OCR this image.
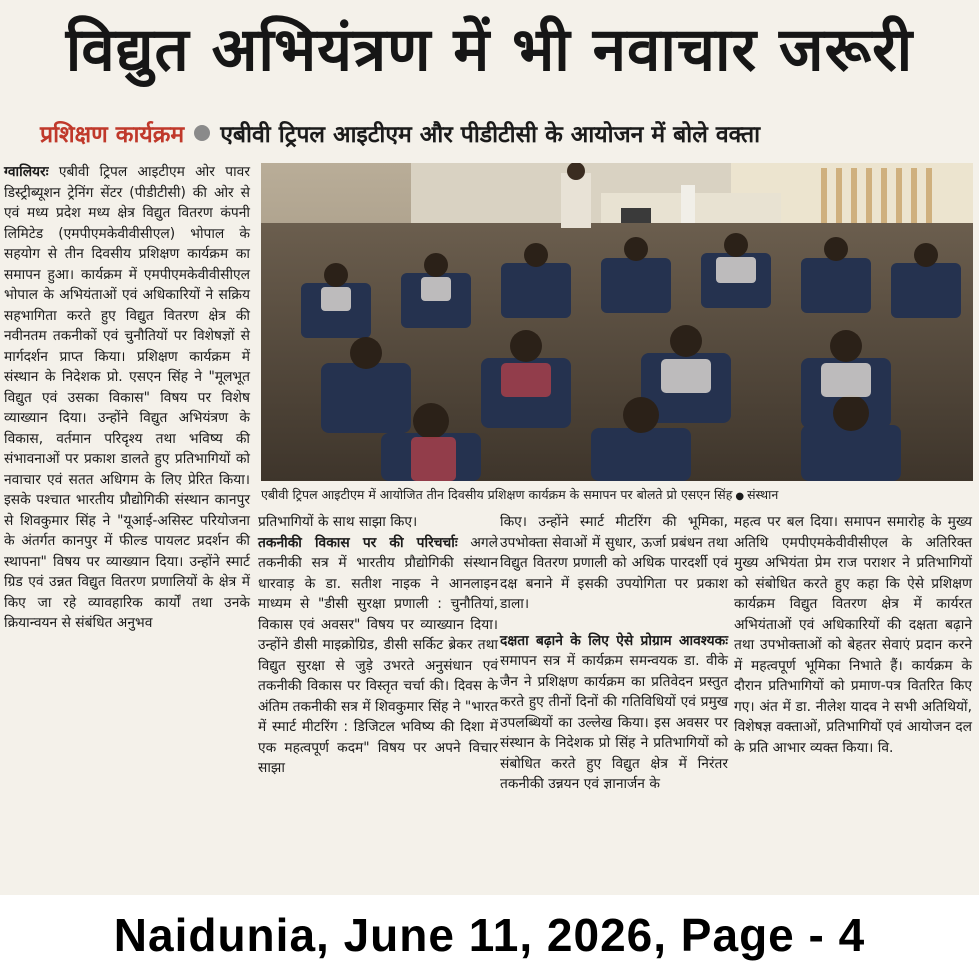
विद्युत अभियंत्रण में भी नवाचार जरूरी
प्रशिक्षण कार्यक्रम एबीवी ट्रिपल आइटीएम और पीडीटीसी के आयोजन में बोले वक्ता

ग्वालियरः एबीवी ट्रिपल आइटीएम ओर पावर डिस्ट्रीब्यूशन ट्रेनिंग सेंटर (पीडीटीसी) की ओर से एवं मध्य प्रदेश मध्य क्षेत्र विद्युत वितरण कंपनी लिमिटेड (एमपीएमकेवीवीसीएल) भोपाल के सहयोग से तीन दिवसीय प्रशिक्षण कार्यक्रम का समापन हुआ। कार्यक्रम में एमपीएमकेवीवीसीएल भोपाल के अभियंताओं एवं अधिकारियों ने सक्रिय सहभागिता करते हुए विद्युत वितरण क्षेत्र की नवीनतम तकनीकों एवं चुनौतियों पर विशेषज्ञों से मार्गदर्शन प्राप्त किया। प्रशिक्षण कार्यक्रम में संस्थान के निदेशक प्रो. एसएन सिंह ने "मूलभूत विद्युत एवं उसका विकास" विषय पर विशेष व्याख्यान दिया। उन्होंने विद्युत अभियंत्रण के विकास, वर्तमान परिदृश्य तथा भविष्य की संभावनाओं पर प्रकाश डालते हुए प्रतिभागियों को नवाचार एवं सतत अधिगम के लिए प्रेरित किया। इसके पश्चात भारतीय प्रौद्योगिकी संस्थान कानपुर से शिवकुमार सिंह ने "यूआई-असिस्ट परियोजना के अंतर्गत कानपुर में फील्ड पायलट प्रदर्शन की स्थापना" विषय पर व्याख्यान दिया। उन्होंने स्मार्ट ग्रिड एवं उन्नत विद्युत वितरण प्रणालियों के क्षेत्र में किए जा रहे व्यावहारिक कार्यों तथा उनके क्रियान्वयन से संबंधित अनुभव

एबीवी ट्रिपल आइटीएम में आयोजित तीन दिवसीय प्रशिक्षण कार्यक्रम के समापन पर बोलते प्रो एसएन सिंह ● संस्थान

प्रतिभागियों के साथ साझा किए।

तकनीकी विकास पर की परिचर्चाः अगले तकनीकी सत्र में भारतीय प्रौद्योगिकी संस्थान धारवाड़ के डा. सतीश नाइक ने आनलाइन माध्यम से "डीसी सुरक्षा प्रणाली : चुनौतियां, विकास एवं अवसर" विषय पर व्याख्यान दिया। उन्होंने डीसी माइक्रोग्रिड, डीसी सर्किट ब्रेकर तथा विद्युत सुरक्षा से जुड़े उभरते अनुसंधान एवं तकनीकी विकास पर विस्तृत चर्चा की। दिवस के अंतिम तकनीकी सत्र में शिवकुमार सिंह ने "भारत में स्मार्ट मीटरिंग : डिजिटल भविष्य की दिशा में एक महत्वपूर्ण कदम" विषय पर अपने विचार साझा

किए। उन्होंने स्मार्ट मीटरिंग की भूमिका, उपभोक्ता सेवाओं में सुधार, ऊर्जा प्रबंधन तथा विद्युत वितरण प्रणाली को अधिक पारदर्शी एवं दक्ष बनाने में इसकी उपयोगिता पर प्रकाश डाला।

दक्षता बढ़ाने के लिए ऐसे प्रोग्राम आवश्यकः समापन सत्र में कार्यक्रम समन्वयक डा. वीके जैन ने प्रशिक्षण कार्यक्रम का प्रतिवेदन प्रस्तुत करते हुए तीनों दिनों की गतिविधियों एवं प्रमुख उपलब्धियों का उल्लेख किया। इस अवसर पर संस्थान के निदेशक प्रो सिंह ने प्रतिभागियों को संबोधित करते हुए विद्युत क्षेत्र में निरंतर तकनीकी उन्नयन एवं ज्ञानार्जन के

महत्व पर बल दिया। समापन समारोह के मुख्य अतिथि एमपीएमकेवीवीसीएल के अतिरिक्त मुख्य अभियंता प्रेम राज पराशर ने प्रतिभागियों को संबोधित करते हुए कहा कि ऐसे प्रशिक्षण कार्यक्रम विद्युत वितरण क्षेत्र में कार्यरत अभियंताओं एवं अधिकारियों की दक्षता बढ़ाने तथा उपभोक्ताओं को बेहतर सेवाएं प्रदान करने में महत्वपूर्ण भूमिका निभाते हैं। कार्यक्रम के दौरान प्रतिभागियों को प्रमाण-पत्र वितरित किए गए। अंत में डा. नीलेश यादव ने सभी अतिथियों, विशेषज्ञ वक्ताओं, प्रतिभागियों एवं आयोजन दल के प्रति आभार व्यक्त किया। वि.

Naidunia, June 11, 2026, Page - 4
